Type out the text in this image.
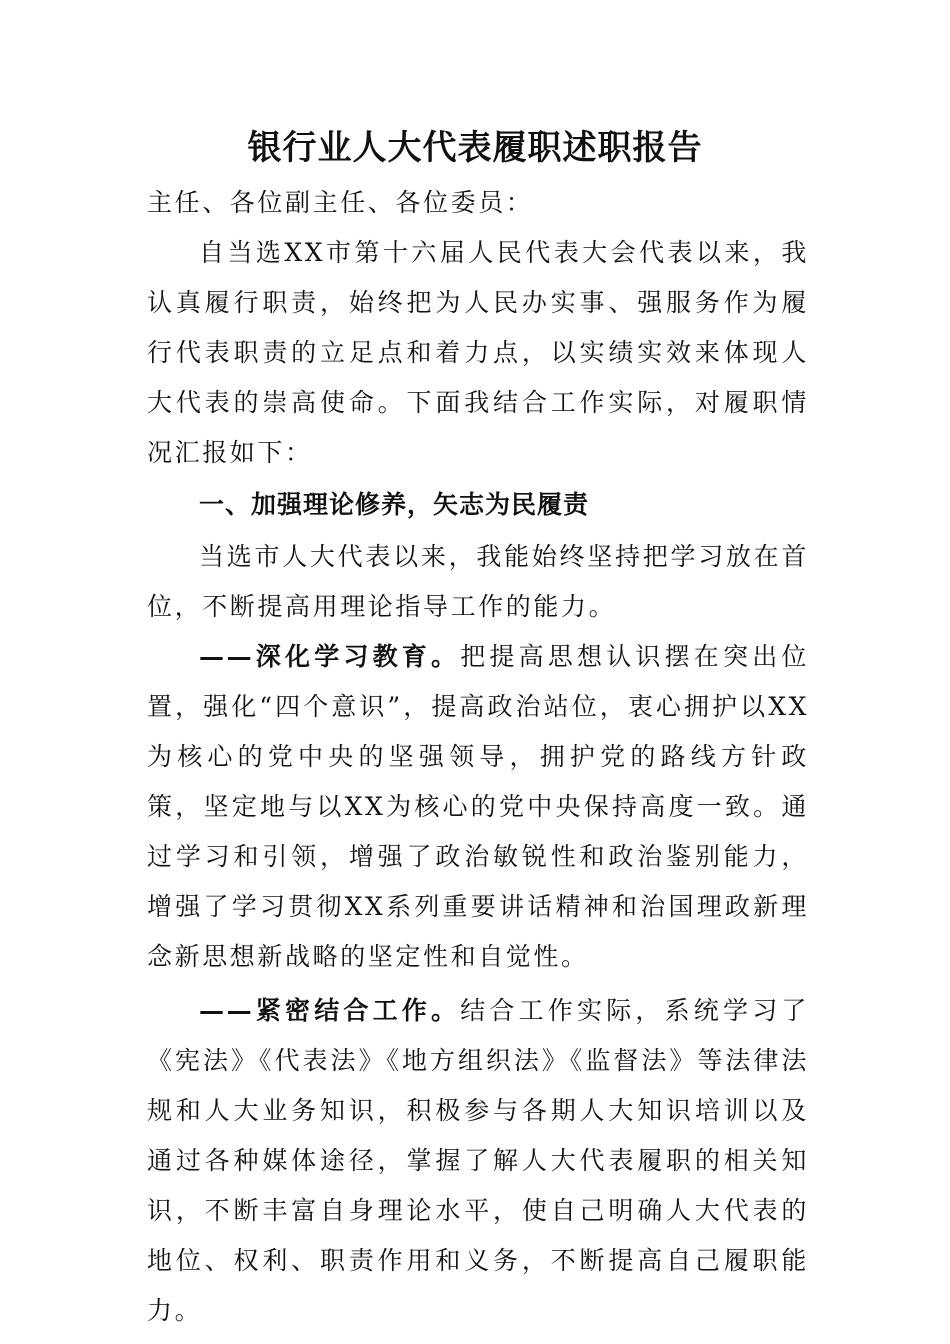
银行业人大代表履职述职报告

主任、各位副主任、各位委员：

自当选XX市第十六届人民代表大会代表以来，我认真履行职责，始终把为人民办实事、强服务作为履行代表职责的立足点和着力点，以实绩实效来体现人大代表的崇高使命。下面我结合工作实际，对履职情况汇报如下：

一、加强理论修养，矢志为民履责

当选市人大代表以来，我能始终坚持把学习放在首位，不断提高用理论指导工作的能力。

——深化学习教育。把提高思想认识摆在突出位置，强化“四个意识”，提高政治站位，衷心拥护以XX为核心的党中央的坚强领导，拥护党的路线方针政策，坚定地与以XX为核心的党中央保持高度一致。通过学习和引领，增强了政治敏锐性和政治鉴别能力，增强了学习贯彻XX系列重要讲话精神和治国理政新理念新思想新战略的坚定性和自觉性。

——紧密结合工作。结合工作实际，系统学习了《宪法》《代表法》《地方组织法》《监督法》等法律法规和人大业务知识，积极参与各期人大知识培训以及通过各种媒体途径，掌握了解人大代表履职的相关知识，不断丰富自身理论水平，使自己明确人大代表的地位、权利、职责作用和义务，不断提高自己履职能力。
